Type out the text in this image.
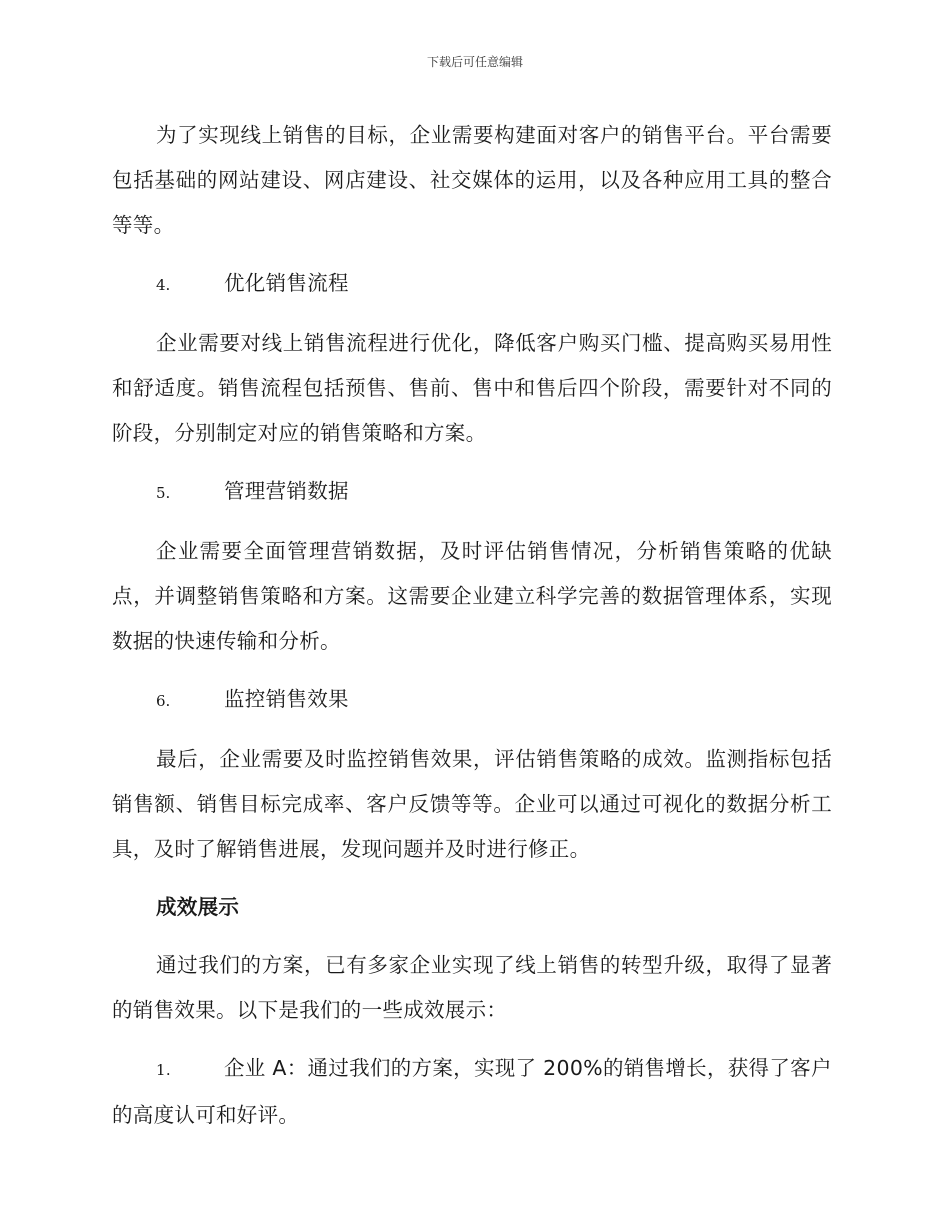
下载后可任意编辑

为了实现线上销售的目标，企业需要构建面对客户的销售平台。平台需要包括基础的网站建设、网店建设、社交媒体的运用，以及各种应用工具的整合等等。

4.	优化销售流程

企业需要对线上销售流程进行优化，降低客户购买门槛、提高购买易用性和舒适度。销售流程包括预售、售前、售中和售后四个阶段，需要针对不同的阶段，分别制定对应的销售策略和方案。

5.	管理营销数据

企业需要全面管理营销数据，及时评估销售情况，分析销售策略的优缺点，并调整销售策略和方案。这需要企业建立科学完善的数据管理体系，实现数据的快速传输和分析。

6.	监控销售效果

最后，企业需要及时监控销售效果，评估销售策略的成效。监测指标包括销售额、销售目标完成率、客户反馈等等。企业可以通过可视化的数据分析工具，及时了解销售进展，发现问题并及时进行修正。

成效展示

通过我们的方案，已有多家企业实现了线上销售的转型升级，取得了显著的销售效果。以下是我们的一些成效展示：

1.	企业 A：通过我们的方案，实现了 200%的销售增长，获得了客户的高度认可和好评。
